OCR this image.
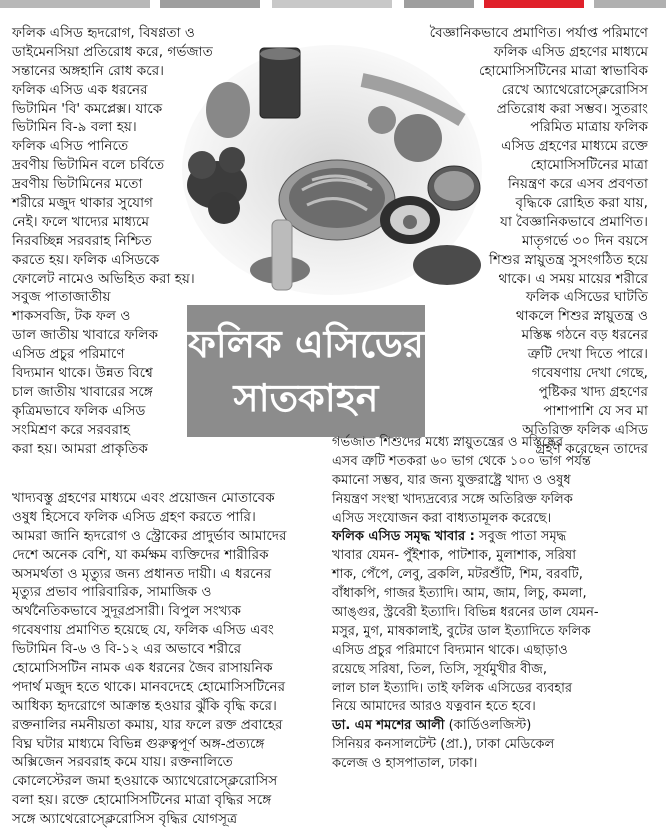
ফলিক এসিড হৃদরোগ, বিষণ্ণতা ও

ডাইমেনসিয়া প্রতিরোধ করে, গর্ভজাত

সন্তানের অঙ্গহানি রোধ করে।

ফলিক এসিড এক ধরনের

ভিটামিন 'বি' কমপ্লেক্স। যাকে

ভিটামিন বি-৯ বলা হয়।

ফলিক এসিড পানিতে

দ্রবণীয় ভিটামিন বলে চর্বিতে

দ্রবণীয় ভিটামিনের মতো

শরীরে মজুদ থাকার সুযোগ

নেই। ফলে খাদ্যের মাধ্যমে

নিরবচ্ছিন্ন সরবরাহ নিশ্চিত

করতে হয়। ফলিক এসিডকে

ফোলেট নামেও অভিহিত করা হয়।

সবুজ পাতাজাতীয়

শাকসবজি, টক ফল ও

ডাল জাতীয় খাবারে ফলিক

এসিড প্রচুর পরিমাণে

বিদ্যমান থাকে। উন্নত বিশ্বে

চাল জাতীয় খাবারের সঙ্গে

কৃত্রিমভাবে ফলিক এসিড

সংমিশ্রণ করে সরবরাহ

করা হয়। আমরা প্রাকৃতিক

বৈজ্ঞানিকভাবে প্রমাণিত। পর্যাপ্ত পরিমাণে

ফলিক এসিড গ্রহণের মাধ্যমে

হোমোসিসটিনের মাত্রা স্বাভাবিক

রেখে অ্যাথেরোস্ক্লেরোসিস

প্রতিরোধ করা সম্ভব। সুতরাং

পরিমিত মাত্রায় ফলিক

এসিড গ্রহণের মাধ্যমে রক্তে

হোমোসিসটিনের মাত্রা

নিয়ন্ত্রণ করে এসব প্রবণতা

বৃদ্ধিকে রোহিত করা যায়,

যা বৈজ্ঞানিকভাবে প্রমাণিত।

মাতৃগর্ভে ৩০ দিন বয়সে

শিশুর স্নায়ুতন্ত্র সুসংগঠিত হয়ে

থাকে। এ সময় মায়ের শরীরে

ফলিক এসিডের ঘাটতি

থাকলে শিশুর স্নায়ুতন্ত্র ও

মস্তিষ্ক গঠনে বড় ধরনের

ত্রুটি দেখা দিতে পারে।

গবেষণায় দেখা গেছে,

পুষ্টিকর খাদ্য গ্রহণের

পাশাপাশি যে সব মা

অতিরিক্ত ফলিক এসিড

গ্রহণ করেছেন তাদের

ফলিক এসিডের
সাতকাহন

খাদ্যবস্তু গ্রহণের মাধ্যমে এবং প্রয়োজন মোতাবেক

ওষুধ হিসেবে ফলিক এসিড গ্রহণ করতে পারি।

আমরা জানি হৃদরোগ ও স্ট্রোকের প্রাদুর্ভাব আমাদের

দেশে অনেক বেশি, যা কর্মক্ষম ব্যক্তিদের শারীরিক

অসমর্থতা ও মৃত্যুর জন্য প্রধানত দায়ী। এ ধরনের

মৃত্যুর প্রভাব পারিবারিক, সামাজিক ও

অর্থনৈতিকভাবে সুদূরপ্রসারী। বিপুল সংখ্যক

গবেষণায় প্রমাণিত হয়েছে যে, ফলিক এসিড এবং

ভিটামিন বি-৬ ও বি-১২ এর অভাবে শরীরে

হোমোসিসটিন নামক এক ধরনের জৈব রাসায়নিক

পদার্থ মজুদ হতে থাকে। মানবদেহে হোমোসিসটিনের

আধিক্য হৃদরোগে আক্রান্ত হওয়ার ঝুঁকি বৃদ্ধি করে।

রক্তনালির নমনীয়তা কমায়, যার ফলে রক্ত প্রবাহের

বিঘ্ন ঘটার মাধ্যমে বিভিন্ন গুরুত্বপূর্ণ অঙ্গ-প্রত্যঙ্গে

অক্সিজেন সরবরাহ কমে যায়। রক্তনালিতে

কোলেস্টেরল জমা হওয়াকে অ্যাথেরোস্ক্লেরোসিস

বলা হয়। রক্তে হোমোসিসটিনের মাত্রা বৃদ্ধির সঙ্গে

সঙ্গে অ্যাথেরোস্ক্লেরোসিস বৃদ্ধির যোগসূত্র

গর্ভজাত শিশুদের মধ্যে স্নায়ুতন্ত্রের ও মস্তিষ্কের

এসব ত্রুটি শতকরা ৬০ ভাগ থেকে ১০০ ভাগ পর্যন্ত

কমানো সম্ভব, যার জন্য যুক্তরাষ্ট্রে খাদ্য ও ওষুধ

নিয়ন্ত্রণ সংস্থা খাদ্যদ্রব্যের সঙ্গে অতিরিক্ত ফলিক

এসিড সংযোজন করা বাধ্যতামূলক করেছে।

ফলিক এসিড সমৃদ্ধ খাবার : সবুজ পাতা সমৃদ্ধ

খাবার যেমন- পুঁইশাক, পাটশাক, মুলাশাক, সরিষা

শাক, পেঁপে, লেবু, ব্রকলি, মটরশুঁটি, শিম, বরবটি,

বাঁধাকপি, গাজর ইত্যাদি। আম, জাম, লিচু, কমলা,

আঙ্গুর, স্ট্রবেরী ইত্যাদি। বিভিন্ন ধরনের ডাল যেমন-

মসুর, মুগ, মাষকালাই, বুটের ডাল ইত্যাদিতে ফলিক

এসিড প্রচুর পরিমাণে বিদ্যমান থাকে। এছাড়াও

রয়েছে সরিষা, তিল, তিসি, সূর্যমুখীর বীজ,

লাল চাল ইত্যাদি। তাই ফলিক এসিডের ব্যবহার

নিয়ে আমাদের আরও যত্নবান হতে হবে।

ডা. এম শমশের আলী (কার্ডিওলজিস্ট)

সিনিয়র কনসালটেন্ট (প্রা.), ঢাকা মেডিকেল

কলেজ ও হাসপাতাল, ঢাকা।
